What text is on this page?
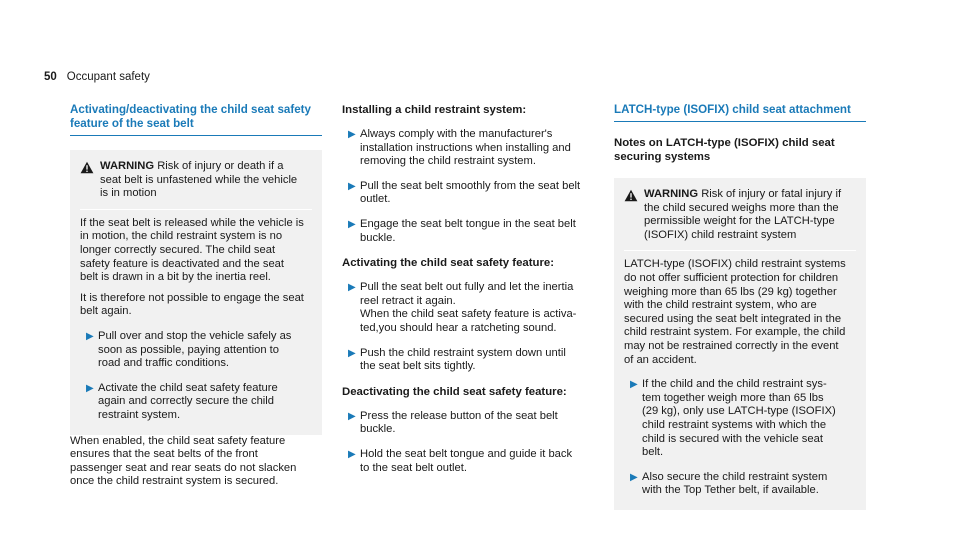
50 Occupant safety
Activating/deactivating the child seat safety
feature of the seat belt
WARNING Risk of injury or death if a
seat belt is unfastened while the vehicle
is in motion

If the seat belt is released while the vehicle is
in motion, the child restraint system is no
longer correctly secured. The child seat
safety feature is deactivated and the seat
belt is drawn in a bit by the inertia reel.

It is therefore not possible to engage the seat
belt again.

▶ Pull over and stop the vehicle safely as
soon as possible, paying attention to
road and traffic conditions.
▶ Activate the child seat safety feature
again and correctly secure the child
restraint system.

When enabled, the child seat safety feature
ensures that the seat belts of the front
passenger seat and rear seats do not slacken
once the child restraint system is secured.

Installing a child restraint system:
▶ Always comply with the manufacturer's
installation instructions when installing and
removing the child restraint system.
▶ Pull the seat belt smoothly from the seat belt
outlet.
▶ Engage the seat belt tongue in the seat belt
buckle.
Activating the child seat safety feature:
▶ Pull the seat belt out fully and let the inertia
reel retract it again.
When the child seat safety feature is activa-
ted,you should hear a ratcheting sound.
▶ Push the child restraint system down until
the seat belt sits tightly.
Deactivating the child seat safety feature:
▶ Press the release button of the seat belt
buckle.
▶ Hold the seat belt tongue and guide it back
to the seat belt outlet.
LATCH-type (ISOFIX) child seat attachment
Notes on LATCH-type (ISOFIX) child seat
securing systems
WARNING Risk of injury or fatal injury if
the child secured weighs more than the
permissible weight for the LATCH-type
(ISOFIX) child restraint system

LATCH-type (ISOFIX) child restraint systems
do not offer sufficient protection for children
weighing more than 65 lbs (29 kg) together
with the child restraint system, who are
secured using the seat belt integrated in the
child restraint system. For example, the child
may not be restrained correctly in the event
of an accident.

▶ If the child and the child restraint sys-
tem together weigh more than 65 lbs
(29 kg), only use LATCH-type (ISOFIX)
child restraint systems with which the
child is secured with the vehicle seat
belt.
▶ Also secure the child restraint system
with the Top Tether belt, if available.
